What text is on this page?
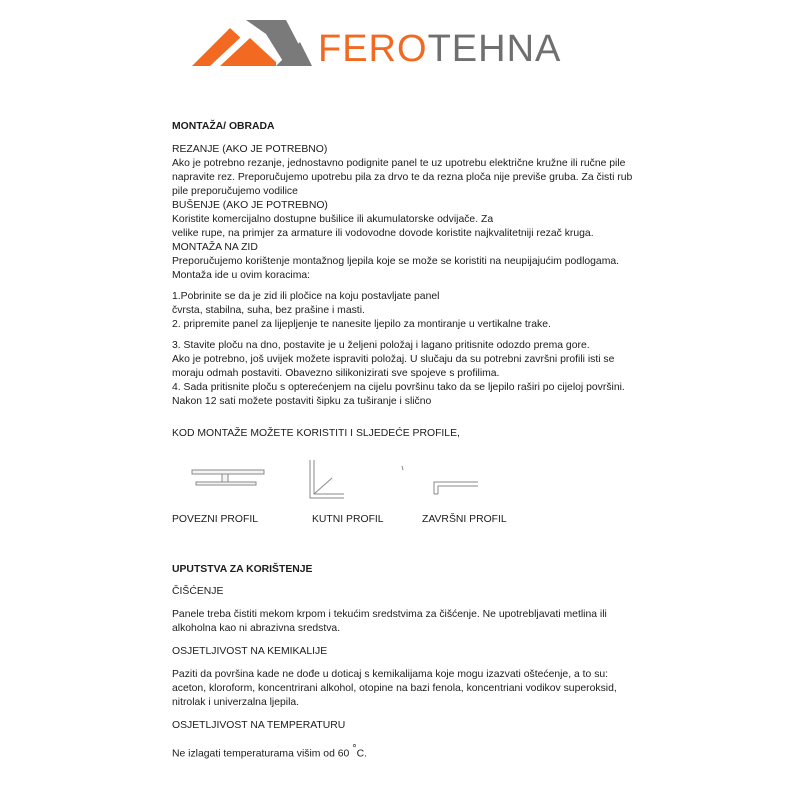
FEROTEHNA
MONTAŽA/ OBRADA
REZANJE (AKO JE POTREBNO)
Ako je potrebno rezanje, jednostavno podignite panel te uz upotrebu električne kružne ili ručne pile
napravite rez. Preporučujemo upotrebu pila za drvo te da rezna ploča nije previše gruba. Za čisti rub
pile preporučujemo vodilice
BUŠENJE (AKO JE POTREBNO)
Koristite komercijalno dostupne bušilice ili akumulatorske odvijače. Za
velike rupe, na primjer za armature ili vodovodne dovode koristite najkvalitetniji rezač kruga.
MONTAŽA NA ZID
Preporučujemo korištenje montažnog ljepila koje se može se koristiti na neupijajućim podlogama.
Montaža ide u ovim koracima:
1.Pobrinite se da je zid ili pločice na koju postavljate panel
čvrsta, stabilna, suha, bez prašine i masti.
2. pripremite panel za lijepljenje te nanesite ljepilo za montiranje u vertikalne trake.
3. Stavite ploču na dno, postavite je u željeni položaj i lagano pritisnite odozdo prema gore.
Ako je potrebno, još uvijek možete ispraviti položaj. U slučaju da su potrebni završni profili isti se
moraju odmah postaviti. Obavezno silikonizirati sve spojeve s profilima.
4. Sada pritisnite ploču s opterećenjem na cijelu površinu tako da se ljepilo raširi po cijeloj površini.
Nakon 12 sati možete postaviti šipku za tuširanje i slično
KOD MONTAŽE MOŽETE KORISTITI I SLJEDEĆE PROFILE,
UPUTSTVA ZA KORIŠTENJE
ČIŠĆENJE
Panele treba čistiti mekom krpom i tekućim sredstvima za čišćenje. Ne upotrebljavati metlina ili
alkoholna kao ni abrazivna sredstva.
OSJETLJIVOST NA KEMIKALIJE
Paziti da površina kade ne dođe u doticaj s kemikalijama koje mogu izazvati oštećenje, a to su:
aceton, kloroform, koncentrirani alkohol, otopine na bazi fenola, koncentriani vodikov superoksid,
nitrolak i univerzalna ljepila.
OSJETLJIVOST NA TEMPERATURU
Ne izlagati temperaturama višim od 60 °C.
POVEZNI PROFIL	KUTNI PROFIL	ZAVRŠNI PROFIL
